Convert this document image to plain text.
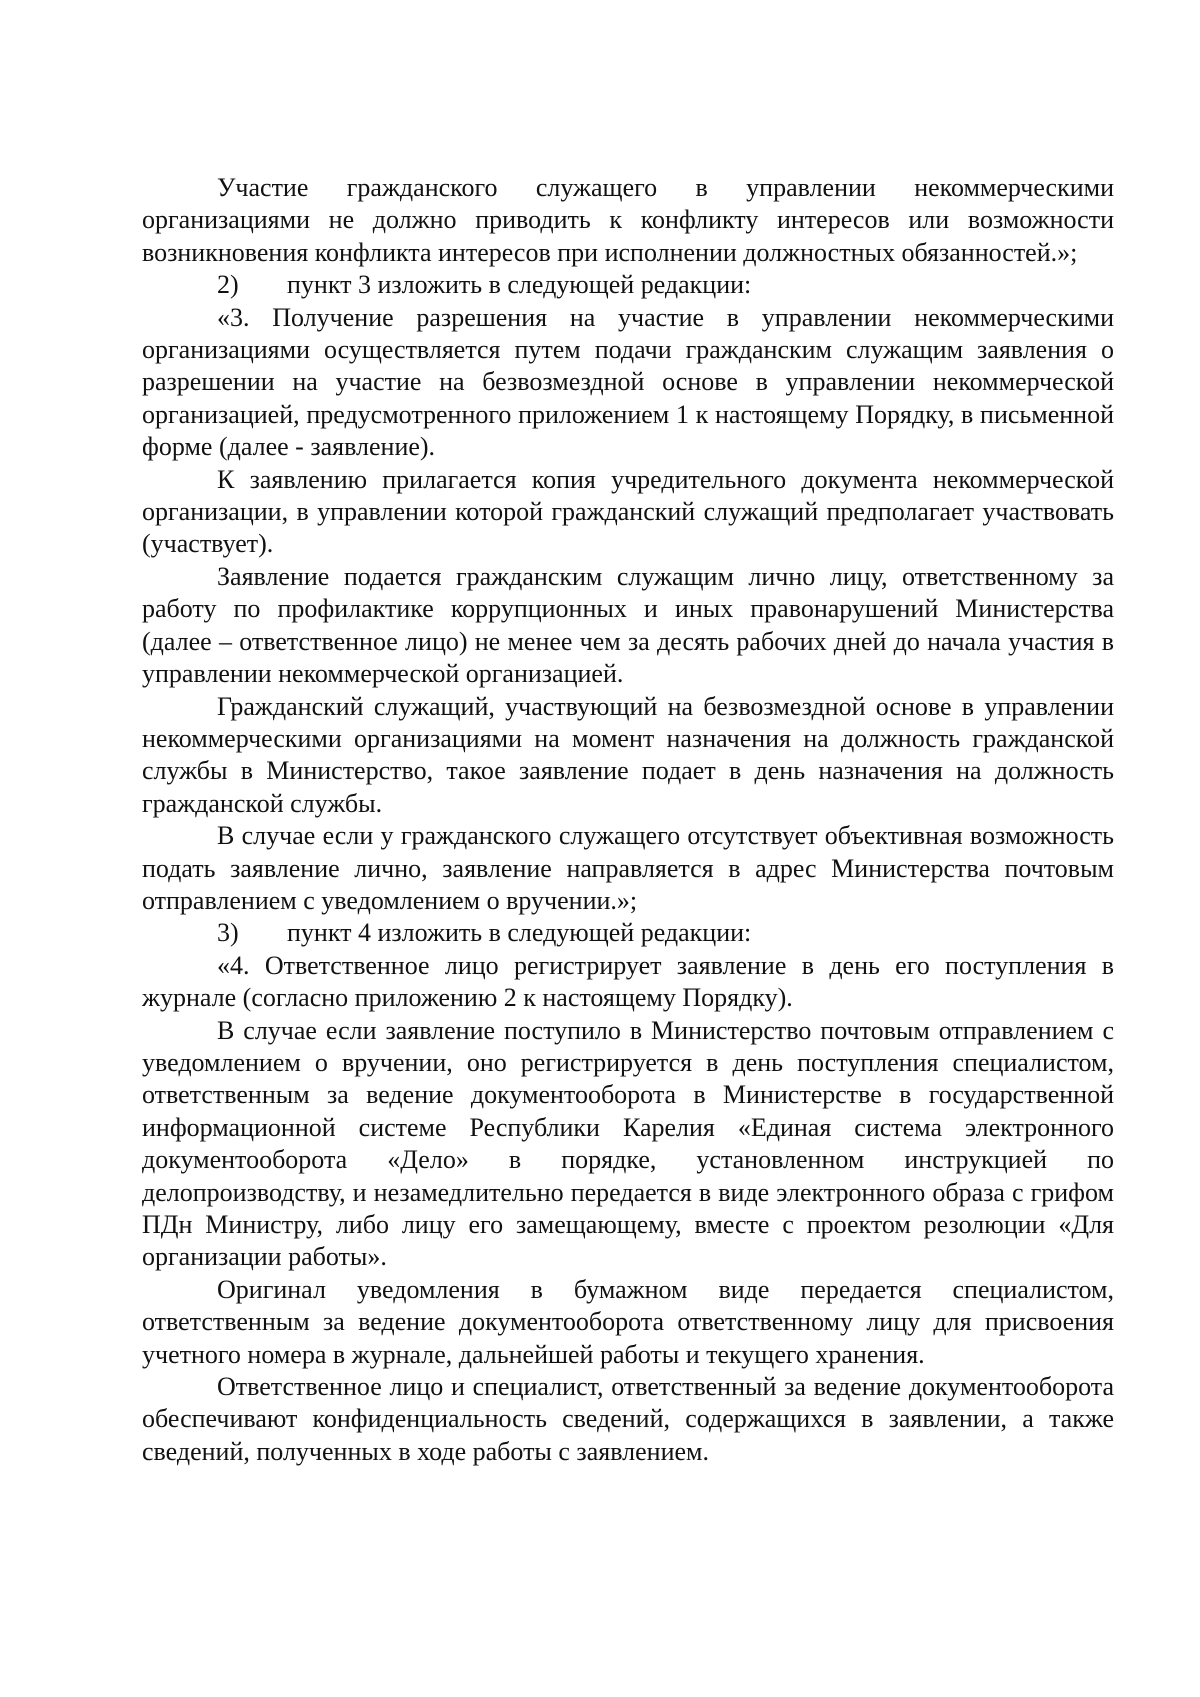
Участие гражданского служащего в управлении некоммерческими организациями не должно приводить к конфликту интересов или возможности возникновения конфликта интересов при исполнении должностных обязанностей.»;

2) пункт 3 изложить в следующей редакции:

«3. Получение разрешения на участие в управлении некоммерческими организациями осуществляется путем подачи гражданским служащим заявления о разрешении на участие на безвозмездной основе в управлении некоммерческой организацией, предусмотренного приложением 1 к настоящему Порядку, в письменной форме (далее - заявление).

К заявлению прилагается копия учредительного документа некоммерческой организации, в управлении которой гражданский служащий предполагает участвовать (участвует).

Заявление подается гражданским служащим лично лицу, ответственному за работу по профилактике коррупционных и иных правонарушений Министерства (далее – ответственное лицо) не менее чем за десять рабочих дней до начала участия в управлении некоммерческой организацией.

Гражданский служащий, участвующий на безвозмездной основе в управлении некоммерческими организациями на момент назначения на должность гражданской службы в Министерство, такое заявление подает в день назначения на должность гражданской службы.

В случае если у гражданского служащего отсутствует объективная возможность подать заявление лично, заявление направляется в адрес Министерства почтовым отправлением с уведомлением о вручении.»;

3) пункт 4 изложить в следующей редакции:

«4. Ответственное лицо регистрирует заявление в день его поступления в журнале (согласно приложению 2 к настоящему Порядку).

В случае если заявление поступило в Министерство почтовым отправлением с уведомлением о вручении, оно регистрируется в день поступления специалистом, ответственным за ведение документооборота в Министерстве в государственной информационной системе Республики Карелия «Единая система электронного документооборота «Дело» в порядке, установленном инструкцией по делопроизводству, и незамедлительно передается в виде электронного образа с грифом ПДн Министру, либо лицу его замещающему, вместе с проектом резолюции «Для организации работы».

Оригинал уведомления в бумажном виде передается специалистом, ответственным за ведение документооборота ответственному лицу для присвоения учетного номера в журнале, дальнейшей работы и текущего хранения.

Ответственное лицо и специалист, ответственный за ведение документооборота обеспечивают конфиденциальность сведений, содержащихся в заявлении, а также сведений, полученных в ходе работы с заявлением.
